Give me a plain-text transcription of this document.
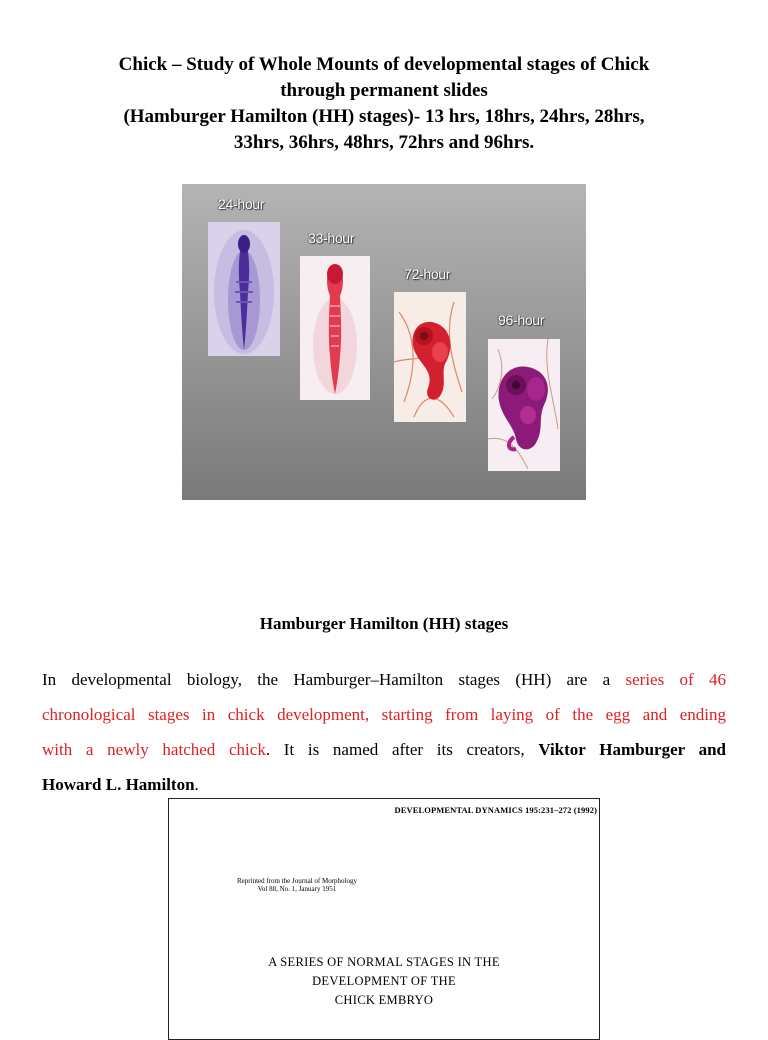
Chick – Study of Whole Mounts of developmental stages of Chick
through permanent slides
(Hamburger Hamilton (HH) stages)- 13 hrs, 18hrs, 24hrs, 28hrs,
33hrs, 36hrs, 48hrs, 72hrs and 96hrs.
24-hour
33-hour
72-hour
96-hour
Hamburger Hamilton (HH) stages
In developmental biology, the Hamburger–Hamilton stages (HH) are a series of 46
chronological stages in chick development, starting from laying of the egg and ending
with a newly hatched chick. It is named after its creators, Viktor Hamburger and
Howard L. Hamilton.
DEVELOPMENTAL DYNAMICS 195:231–272 (1992)
Reprinted from the Journal of Morphology
Vol 88, No. 1, January 1951
A SERIES OF NORMAL STAGES IN THE
DEVELOPMENT OF THE
CHICK EMBRYO
